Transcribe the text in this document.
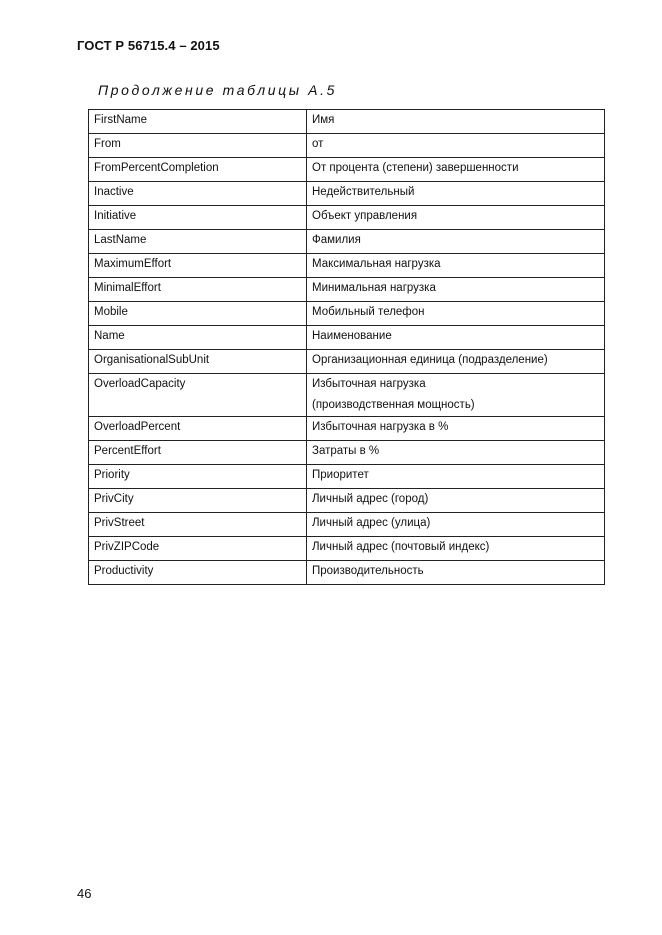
ГОСТ Р 56715.4 – 2015
Продолжение таблицы А.5
FirstName	Имя
From	от
FromPercentCompletion	От процента (степени) завершенности
Inactive	Недействительный
Initiative	Объект управления
LastName	Фамилия
MaximumEffort	Максимальная нагрузка
MinimalEffort	Минимальная нагрузка
Mobile	Мобильный телефон
Name	Наименование
OrganisationalSubUnit	Организационная единица (подразделение)
OverloadCapacity	Избыточная нагрузка
(производственная мощность)

OverloadPercent	Избыточная нагрузка в %
PercentEffort	Затраты в %
Priority	Приоритет
PrivCity	Личный адрес (город)
PrivStreet	Личный адрес (улица)
PrivZIPCode	Личный адрес (почтовый индекс)
Productivity	Производительность
46
